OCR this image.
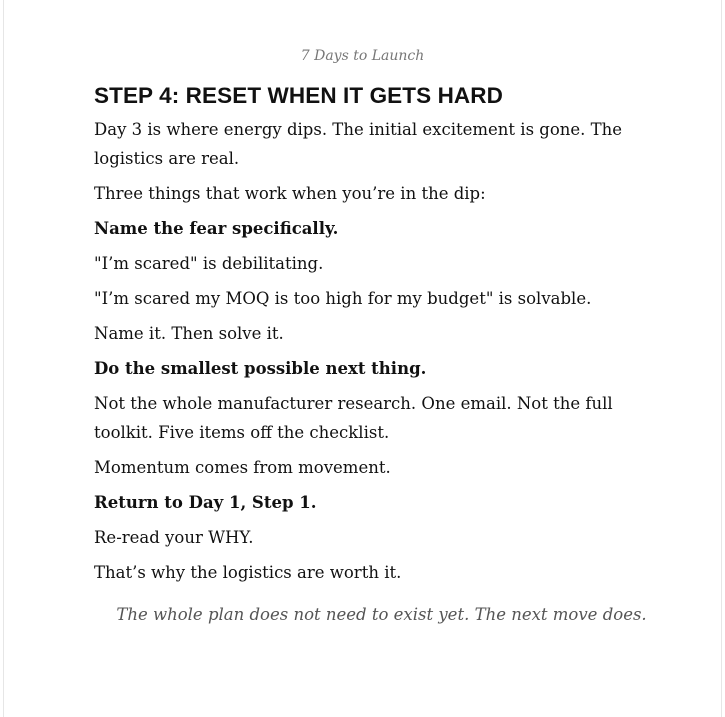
7 Days to Launch

STEP 4: RESET WHEN IT GETS HARD

Day 3 is where energy dips. The initial excitement is gone. The logistics are real.

Three things that work when you’re in the dip:

Name the fear specifically.

"I’m scared" is debilitating.

"I’m scared my MOQ is too high for my budget" is solvable.

Name it. Then solve it.

Do the smallest possible next thing.

Not the whole manufacturer research. One email. Not the full toolkit. Five items off the checklist.

Momentum comes from movement.

Return to Day 1, Step 1.

Re-read your WHY.

That’s why the logistics are worth it.

The whole plan does not need to exist yet. The next move does.
